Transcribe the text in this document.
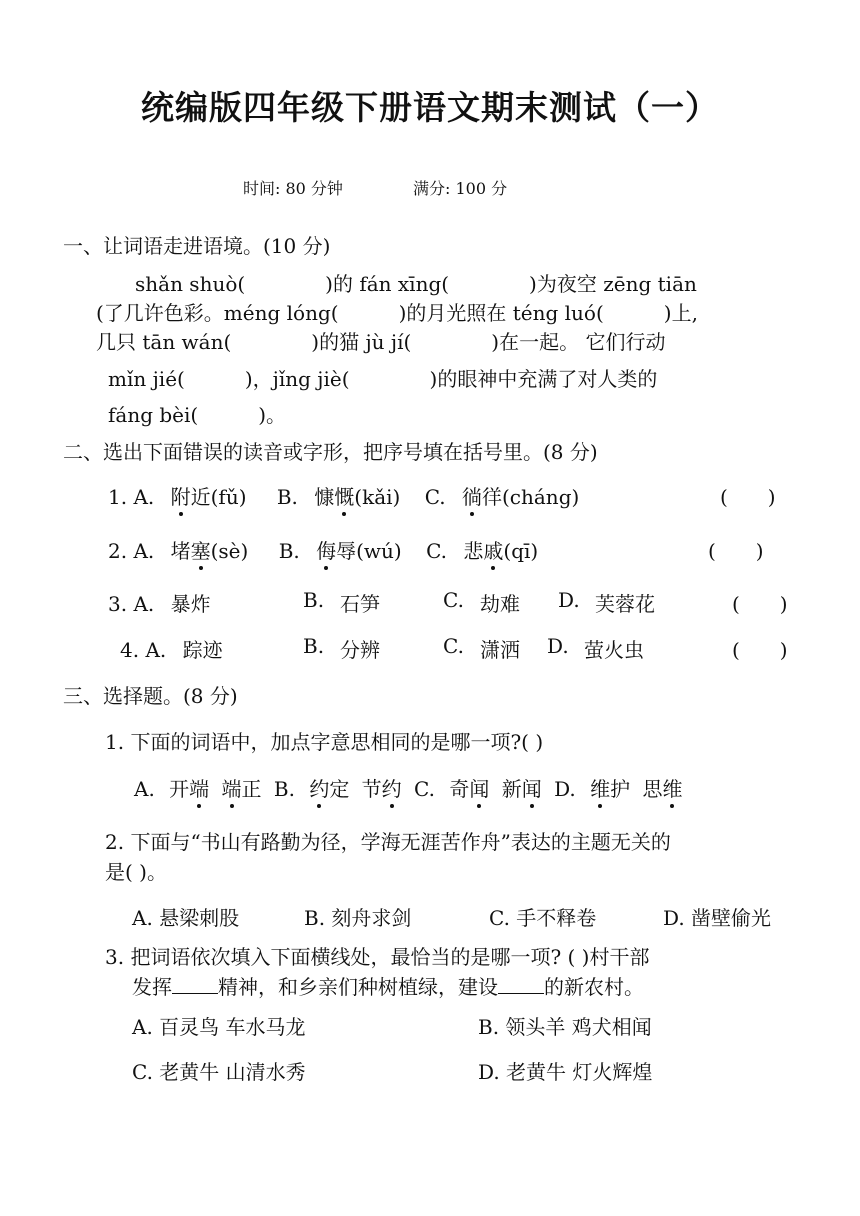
统编版四年级下册语文期末测试（一）
时间: 80 分钟	满分: 100 分
一、让词语走进语境。(10 分)
shǎn shuò(　　　　)的 fán xīng(　　　　)为夜空 zēng tiān
(了几许色彩。méng lóng(　　　)的月光照在 téng luó(　　　)上,
几只 tān wán(　　　　)的猫 jù jí(　　　　)在一起。 它们行动
mǐn jié(　　　)，jǐng jiè(　　　　)的眼神中充满了对人类的
fáng bèi(　　　)。
二、选出下面错误的读音或字形，把序号填在括号里。(8 分)
1. A. 附近(fǔ) B. 慷慨(kǎi) C. 徜徉(cháng)	(　　)
2. A. 堵塞(sè) B. 侮辱(wú) C. 悲戚(qī)	(　　)
3. A. 暴炸	B. 石笋	C. 劫难 D. 芙蓉花	(　　)
4. A. 踪迹	B. 分辨	C. 潇洒 D. 萤火虫	(　　)
三、选择题。(8 分)
1. 下面的词语中，加点字意思相同的是哪一项?( )
A. 开端 端正 B. 约定 节约 C. 奇闻 新闻 D. 维护 思维
2. 下面与“书山有路勤为径，学海无涯苦作舟”表达的主题无关的
是( )。
A. 悬梁刺股	B. 刻舟求剑	C. 手不释卷	D. 凿壁偷光
3. 把词语依次填入下面横线处，最恰当的是哪一项? ( )村干部
发挥 精神，和乡亲们种树植绿，建设 的新农村。
A. 百灵鸟 车水马龙	B. 领头羊 鸡犬相闻
C. 老黄牛 山清水秀	D. 老黄牛 灯火辉煌
